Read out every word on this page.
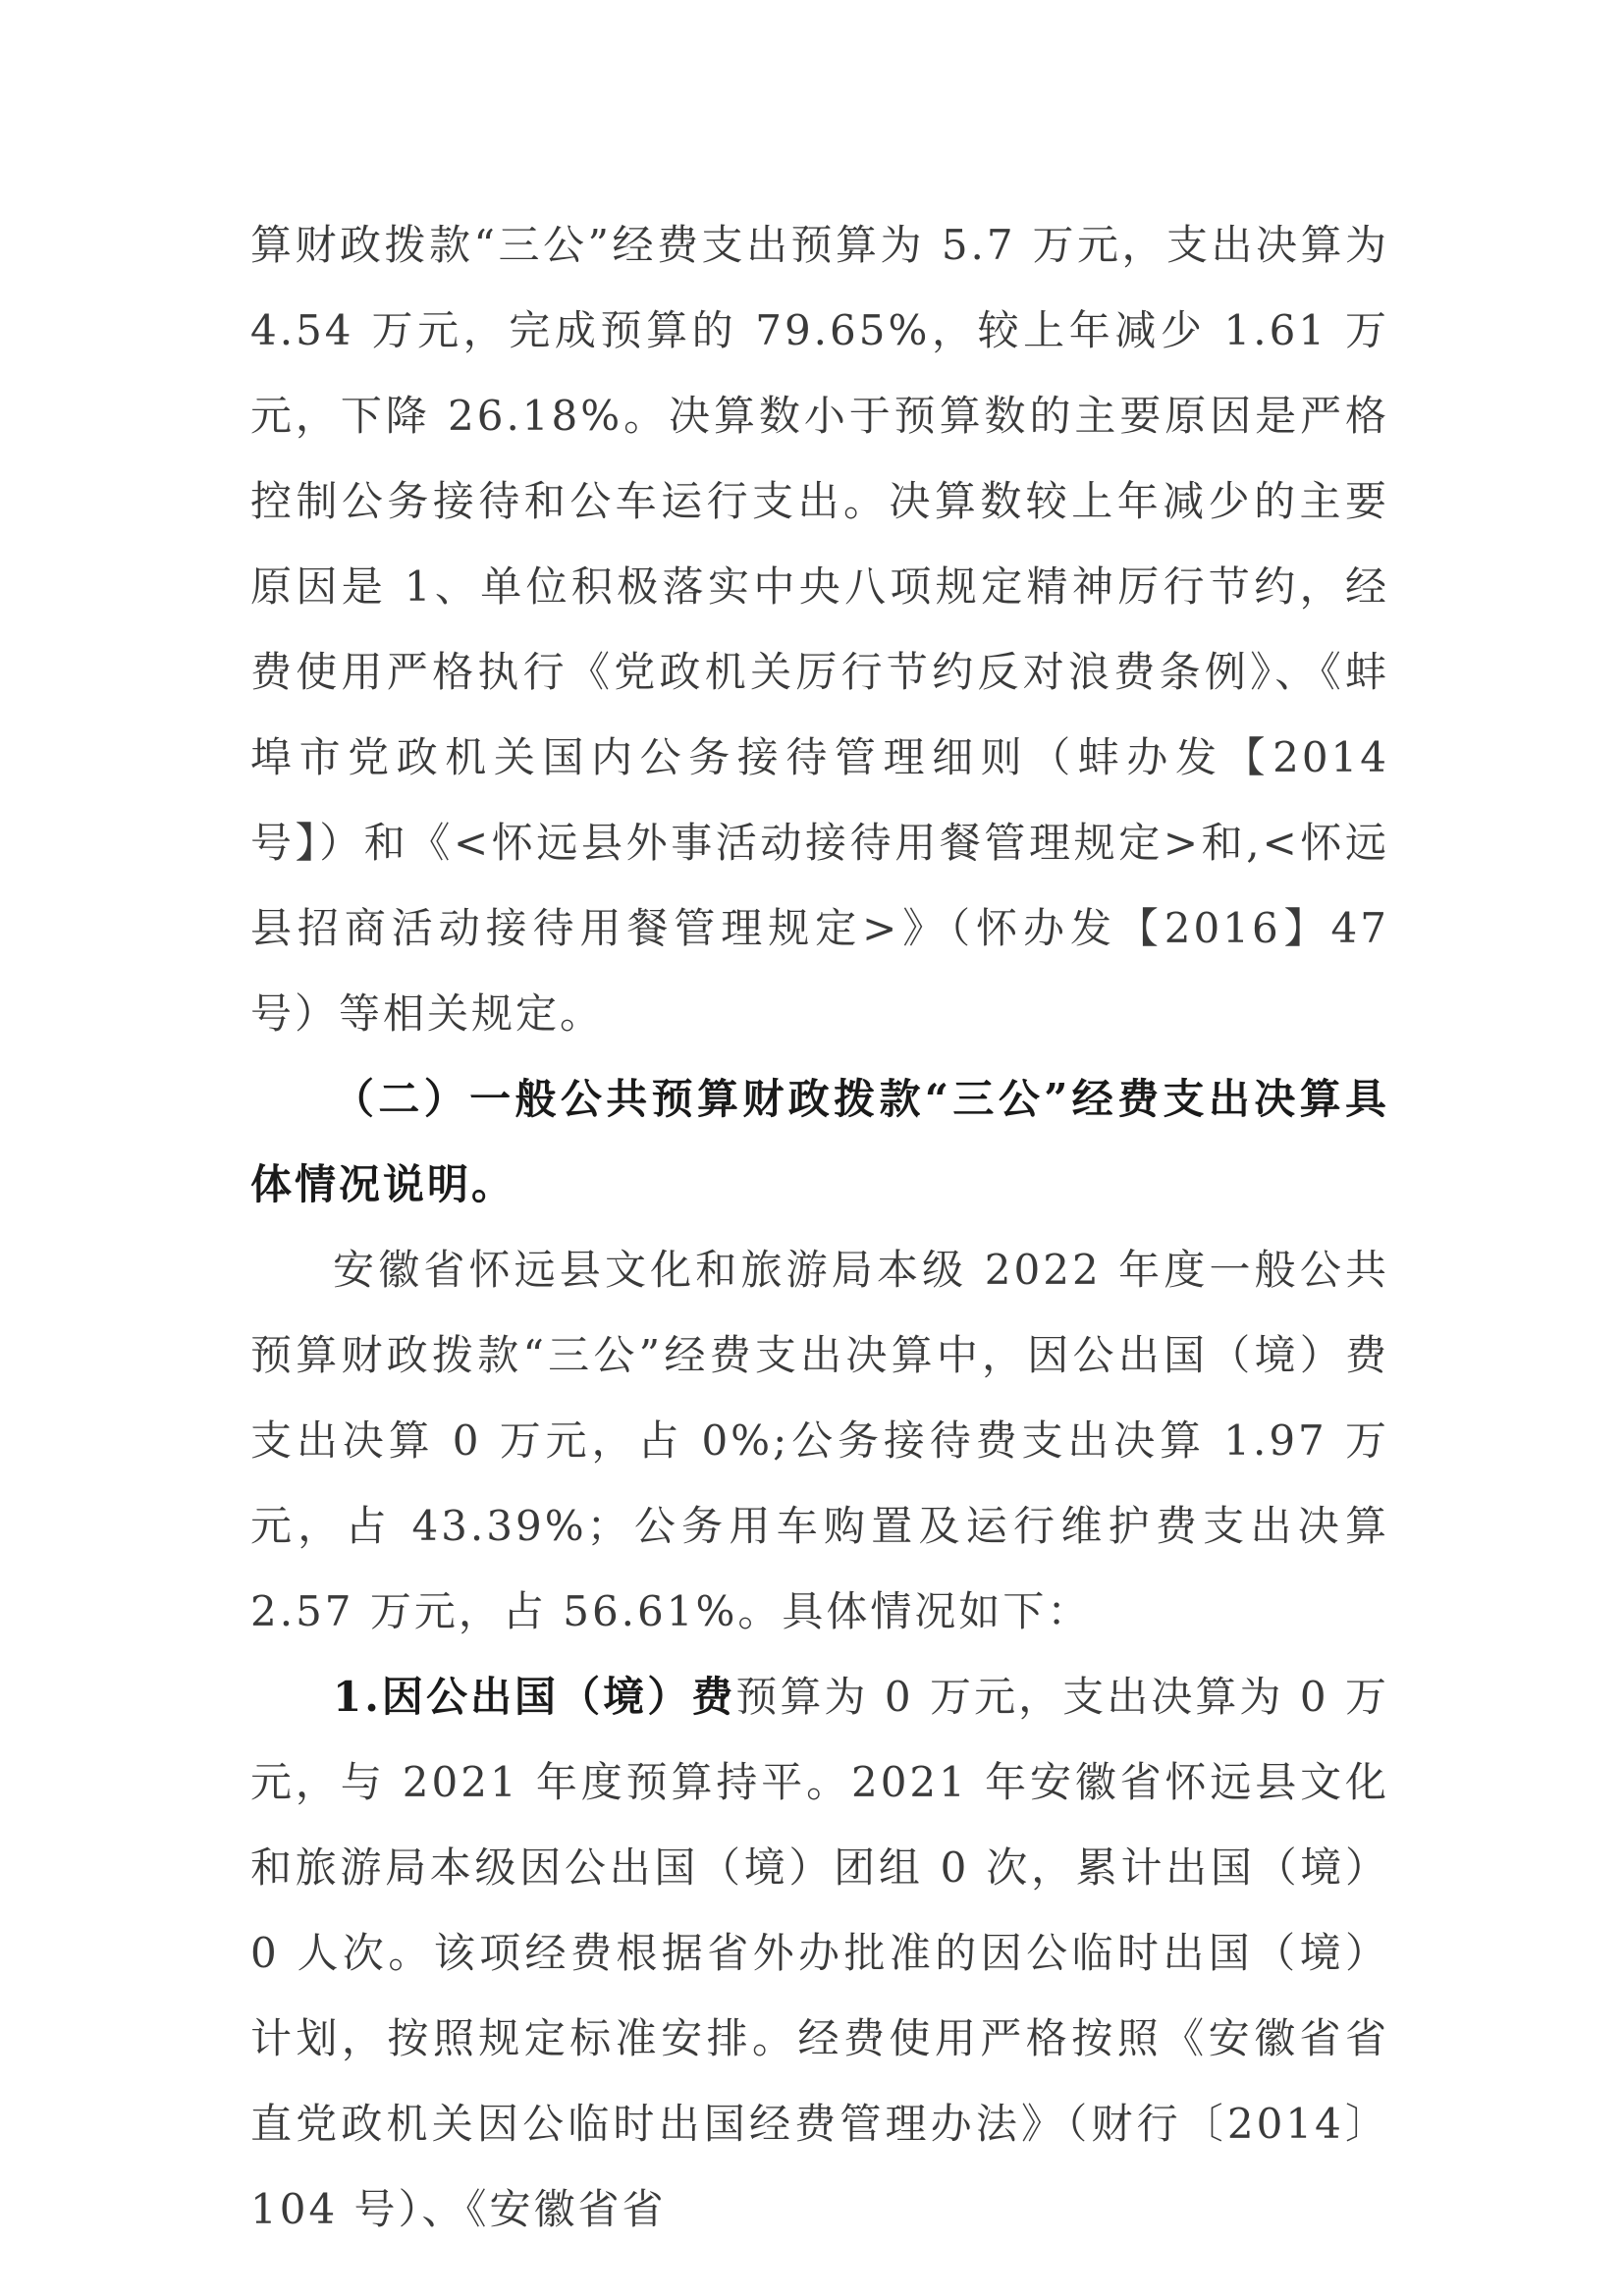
算财政拨款“三公”经费支出预算为 5.7 万元，支出决算为 4.54 万元，完成预算的 79.65%，较上年减少 1.61 万元，下降 26.18%。决算数小于预算数的主要原因是严格控制公务接待和公车运行支出。决算数较上年减少的主要原因是 1、单位积极落实中央八项规定精神厉行节约，经费使用严格执行《党政机关厉行节约反对浪费条例》、《蚌埠市党政机关国内公务接待管理细则（蚌办发【2014 号】）和《<怀远县外事活动接待用餐管理规定>和,<怀远县招商活动接待用餐管理规定>》（怀办发【2016】47 号）等相关规定。

（二）一般公共预算财政拨款“三公”经费支出决算具体情况说明。

安徽省怀远县文化和旅游局本级 2022 年度一般公共预算财政拨款“三公”经费支出决算中，因公出国（境）费支出决算 0 万元，占 0%;公务接待费支出决算 1.97 万元，占 43.39%；公务用车购置及运行维护费支出决算 2.57 万元，占 56.61%。具体情况如下：

1.因公出国（境）费预算为 0 万元，支出决算为 0 万元，与 2021 年度预算持平。2021 年安徽省怀远县文化和旅游局本级因公出国（境）团组 0 次，累计出国（境）0 人次。该项经费根据省外办批准的因公临时出国（境）计划，按照规定标准安排。经费使用严格按照《安徽省省直党政机关因公临时出国经费管理办法》（财行〔2014〕104 号）、《安徽省省
